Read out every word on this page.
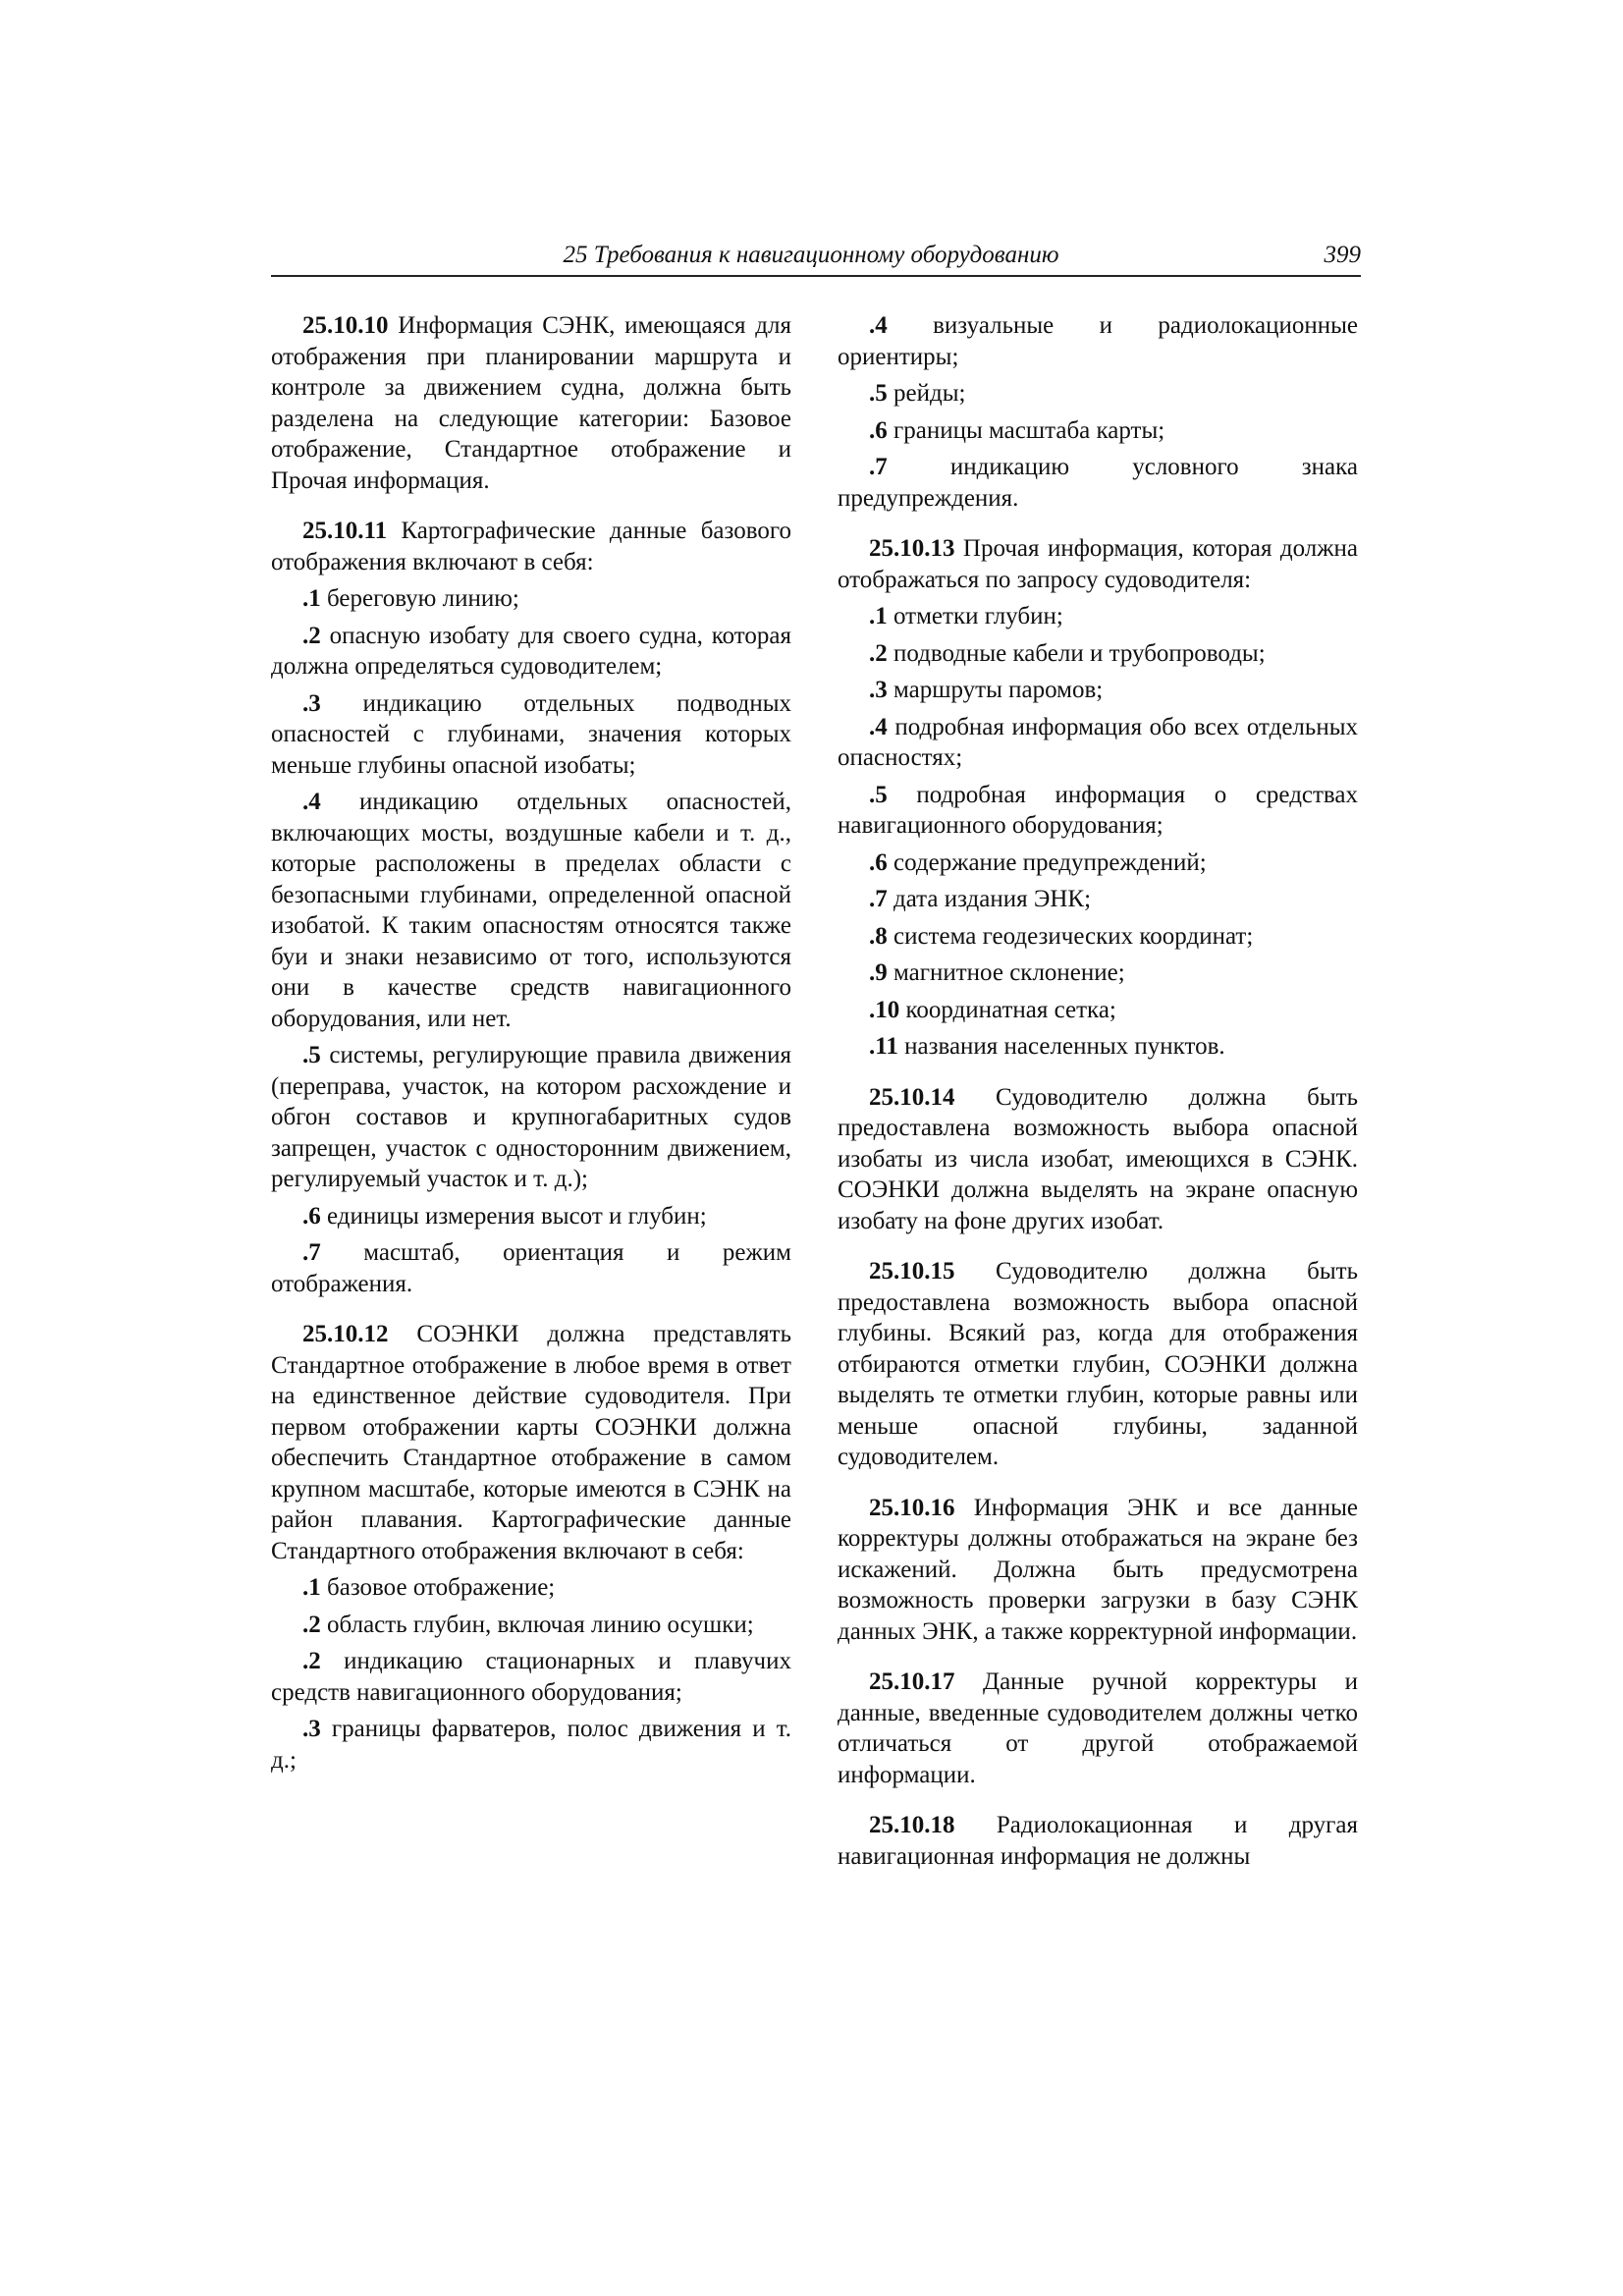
25 Требования к навигационному оборудованию	399

25.10.10 Информация СЭНК, имеющаяся для отображения при планировании маршрута и контроле за движением судна, должна быть разделена на следующие категории: Базовое отображение, Стандартное отображение и Прочая информация.

25.10.11 Картографические данные базового отображения включают в себя:

.1 береговую линию;

.2 опасную изобату для своего судна, которая должна определяться судоводителем;

.3 индикацию отдельных подводных опасностей с глубинами, значения которых меньше глубины опасной изобаты;

.4 индикацию отдельных опасностей, включающих мосты, воздушные кабели и т. д., которые расположены в пределах области с безопасными глубинами, определенной опасной изобатой. К таким опасностям относятся также буи и знаки независимо от того, используются они в качестве средств навигационного оборудования, или нет.

.5 системы, регулирующие правила движения (переправа, участок, на котором расхождение и обгон составов и крупногабаритных судов запрещен, участок с односторонним движением, регулируемый участок и т. д.);

.6 единицы измерения высот и глубин;

.7 масштаб, ориентация и режим отображения.

25.10.12 СОЭНКИ должна представлять Стандартное отображение в любое время в ответ на единственное действие судоводителя. При первом отображении карты СОЭНКИ должна обеспечить Стандартное отображение в самом крупном масштабе, которые имеются в СЭНК на район плавания. Картографические данные Стандартного отображения включают в себя:

.1 базовое отображение;

.2 область глубин, включая линию осушки;

.2 индикацию стационарных и плавучих средств навигационного оборудования;

.3 границы фарватеров, полос движения и т. д.;

.4 визуальные и радиолокационные ориентиры;

.5 рейды;

.6 границы масштаба карты;

.7 индикацию условного знака предупреждения.

25.10.13 Прочая информация, которая должна отображаться по запросу судоводителя:

.1 отметки глубин;

.2 подводные кабели и трубопроводы;

.3 маршруты паромов;

.4 подробная информация обо всех отдельных опасностях;

.5 подробная информация о средствах навигационного оборудования;

.6 содержание предупреждений;

.7 дата издания ЭНК;

.8 система геодезических координат;

.9 магнитное склонение;

.10 координатная сетка;

.11 названия населенных пунктов.

25.10.14 Судоводителю должна быть предоставлена возможность выбора опасной изобаты из числа изобат, имеющихся в СЭНК. СОЭНКИ должна выделять на экране опасную изобату на фоне других изобат.

25.10.15 Судоводителю должна быть предоставлена возможность выбора опасной глубины. Всякий раз, когда для отображения отбираются отметки глубин, СОЭНКИ должна выделять те отметки глубин, которые равны или меньше опасной глубины, заданной судоводителем.

25.10.16 Информация ЭНК и все данные корректуры должны отображаться на экране без искажений. Должна быть предусмотрена возможность проверки загрузки в базу СЭНК данных ЭНК, а также корректурной информации.

25.10.17 Данные ручной корректуры и данные, введенные судоводителем должны четко отличаться от другой отображаемой информации.

25.10.18 Радиолокационная и другая навигационная информация не должны
